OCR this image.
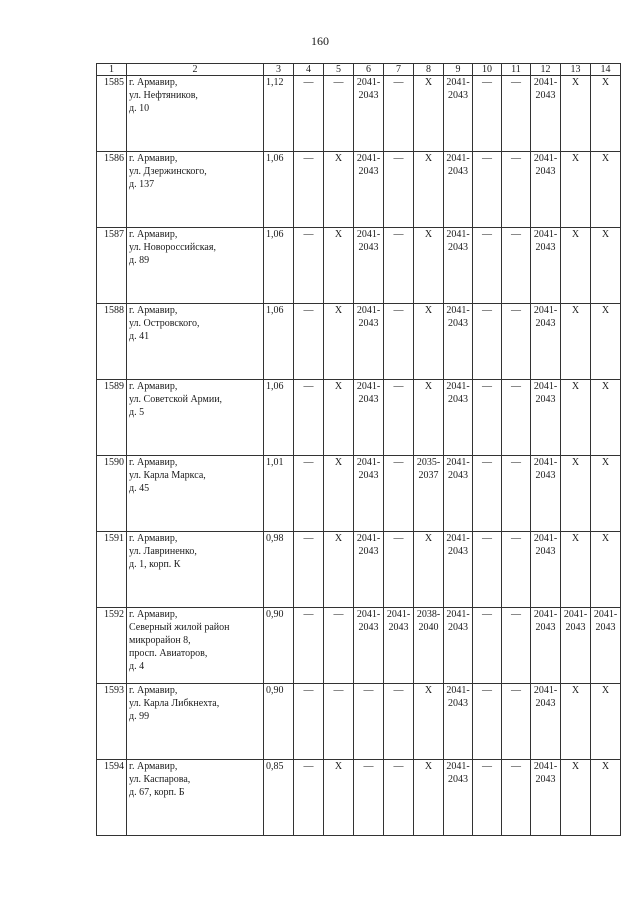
160
1	2	3	4	5	6	7	8	9	10	11	12	13	14
1585	г. Армавир,
ул. Нефтяников,
д. 10	1,12	—	—	2041-
2043	—	X	2041-
2043	—	—	2041-
2043	X	X

1586	г. Армавир,
ул. Дзержинского,
д. 137	1,06	—	X	2041-
2043	—	X	2041-
2043	—	—	2041-
2043	X	X

1587	г. Армавир,
ул. Новороссийская,
д. 89	1,06	—	X	2041-
2043	—	X	2041-
2043	—	—	2041-
2043	X	X

1588	г. Армавир,
ул. Островского,
д. 41	1,06	—	X	2041-
2043	—	X	2041-
2043	—	—	2041-
2043	X	X

1589	г. Армавир,
ул. Советской Армии,
д. 5	1,06	—	X	2041-
2043	—	X	2041-
2043	—	—	2041-
2043	X	X

1590	г. Армавир,
ул. Карла Маркса,
д. 45	1,01	—	X	2041-
2043	—	2035-
2037	2041-
2043	—	—	2041-
2043	X	X

1591	г. Армавир,
ул. Лавриненко,
д. 1, корп. К	0,98	—	X	2041-
2043	—	X	2041-
2043	—	—	2041-
2043	X	X

1592	г. Армавир,
Северный жилой район
микрорайон 8,
просп. Авиаторов,
д. 4	0,90	—	—	2041-
2043	2041-
2043	2038-
2040	2041-
2043	—	—	2041-
2043	2041-
2043	2041-
2043

1593	г. Армавир,
ул. Карла Либкнехта,
д. 99	0,90	—	—	—	—	X	2041-
2043	—	—	2041-
2043	X	X

1594	г. Армавир,
ул. Каспарова,
д. 67, корп. Б	0,85	—	X	—	—	X	2041-
2043	—	—	2041-
2043	X	X
